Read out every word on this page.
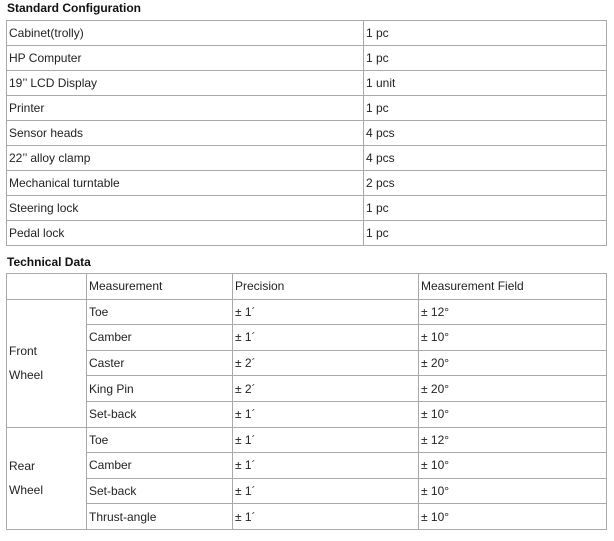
Standard Configuration
Cabinet(trolly)	1 pc
HP Computer	1 pc
19’’ LCD Display	1 unit
Printer	1 pc
Sensor heads	4 pcs
22’’ alloy clamp	4 pcs
Mechanical turntable	2 pcs
Steering lock	1 pc
Pedal lock	1 pc
Technical Data
	Measurement	Precision	Measurement Field

Front
Wheel	Toe	± 1´	± 12°
	Camber	± 1´	± 10°
	Caster	± 2´	± 20°
	King Pin	± 2´	± 20°
	Set-back	± 1´	± 10°

Rear
Wheel	Toe	± 1´	± 12°
	Camber	± 1´	± 10°
	Set-back	± 1´	± 10°
	Thrust-angle	± 1´	± 10°
